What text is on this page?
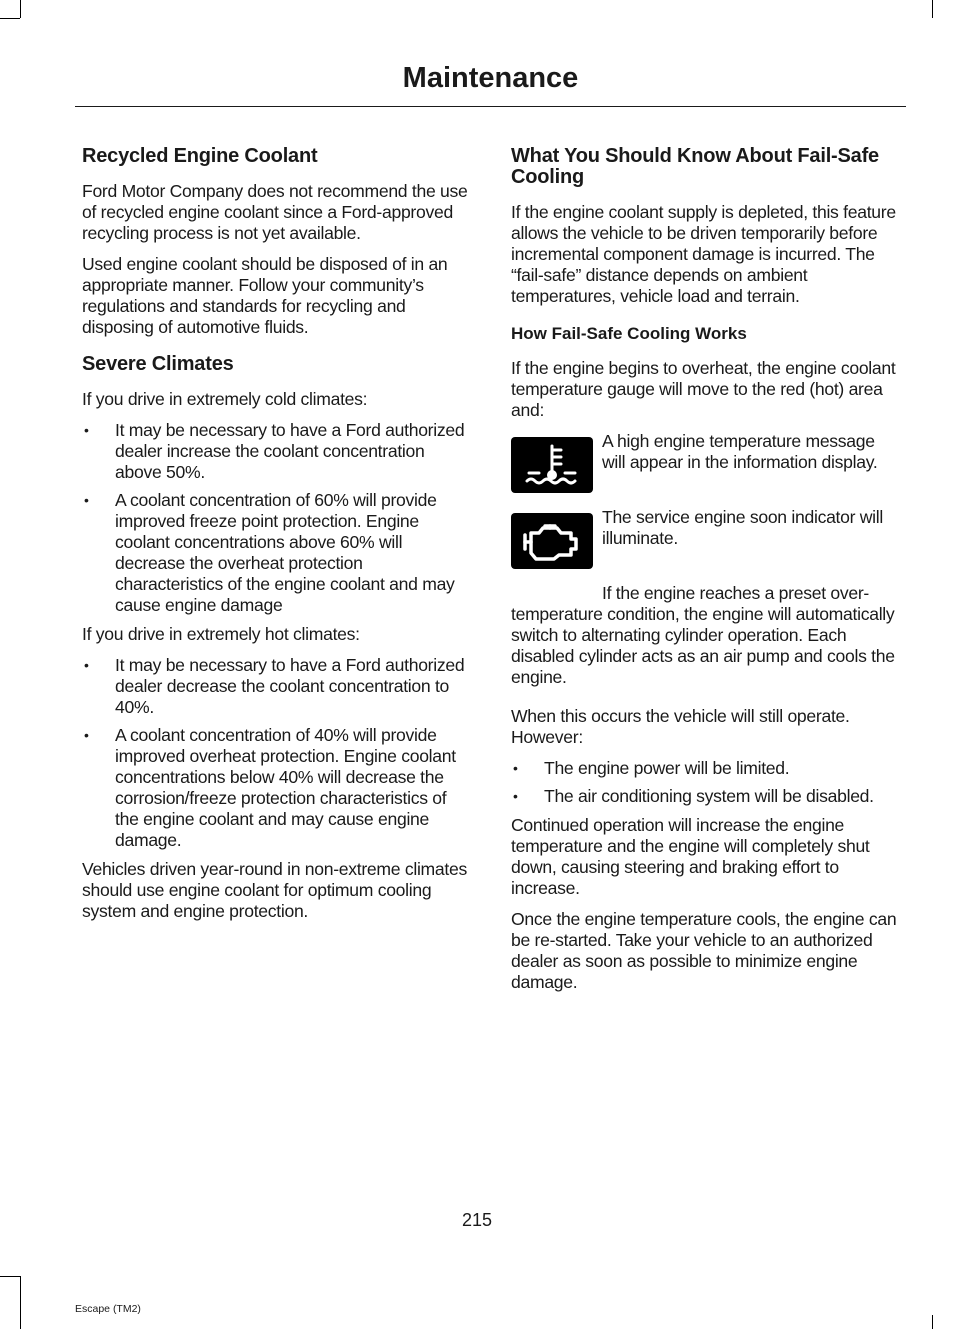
Maintenance
Recycled Engine Coolant

Ford Motor Company does not recommend the use of recycled engine coolant since a Ford-approved recycling process is not yet available.

Used engine coolant should be disposed of in an appropriate manner. Follow your community’s regulations and standards for recycling and disposing of automotive fluids.

Severe Climates

If you drive in extremely cold climates:

• It may be necessary to have a Ford authorized dealer increase the coolant concentration above 50%.
• A coolant concentration of 60% will provide improved freeze point protection. Engine coolant concentrations above 60% will decrease the overheat protection characteristics of the engine coolant and may cause engine damage

If you drive in extremely hot climates:

• It may be necessary to have a Ford authorized dealer decrease the coolant concentration to 40%.
• A coolant concentration of 40% will provide improved overheat protection. Engine coolant concentrations below 40% will decrease the corrosion/freeze protection characteristics of the engine coolant and may cause engine damage.

Vehicles driven year-round in non-extreme climates should use engine coolant for optimum cooling system and engine protection.

What You Should Know About Fail-Safe Cooling

If the engine coolant supply is depleted, this feature allows the vehicle to be driven temporarily before incremental component damage is incurred. The “fail-safe” distance depends on ambient temperatures, vehicle load and terrain.

How Fail-Safe Cooling Works

If the engine begins to overheat, the engine coolant temperature gauge will move to the red (hot) area and:

A high engine temperature message will appear in the information display.

The service engine soon indicator will illuminate.

If the engine reaches a preset over-temperature condition, the engine will automatically switch to alternating cylinder operation. Each disabled cylinder acts as an air pump and cools the engine.

When this occurs the vehicle will still operate. However:

• The engine power will be limited.
• The air conditioning system will be disabled.

Continued operation will increase the engine temperature and the engine will completely shut down, causing steering and braking effort to increase.

Once the engine temperature cools, the engine can be re-started. Take your vehicle to an authorized dealer as soon as possible to minimize engine damage.

215
Escape (TM2)
